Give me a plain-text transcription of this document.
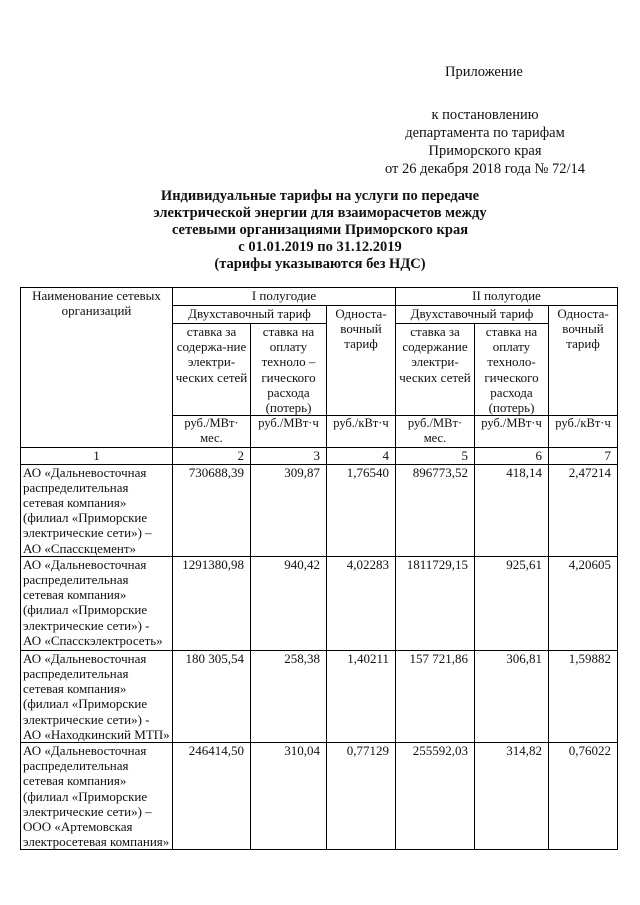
Приложение
к постановлению
департамента по тарифам
Приморского края
от 26 декабря 2018 года № 72/14
Индивидуальные тарифы на услуги по передаче
электрической энергии для взаиморасчетов между
сетевыми организациями Приморского края
с 01.01.2019 по 31.12.2019
(тарифы указываются без НДС)
Наименование сетевых организаций	I полугодие			II полугодие		
	Двухставочный тариф		Односта-вочный тариф	Двухставочный тариф		Односта-вочный тариф
	ставка за содержа-ние электри-ческих сетей	ставка на оплату техноло – гического расхода (потерь)		ставка за содержание электри-ческих сетей	ставка на оплату техноло-гического расхода (потерь)	
	руб./МВт· мес.	руб./МВт·ч	руб./кВт·ч	руб./МВт· мес.	руб./МВт·ч	руб./кВт·ч
1	2	3	4	5	6	7
АО «Дальневосточная распределительная сетевая компания» (филиал «Приморские электрические сети») – АО «Спасскцемент»	730688,39	309,87	1,76540	896773,52	418,14	2,47214
АО «Дальневосточная распределительная сетевая компания» (филиал «Приморские электрические сети») - АО «Спасскэлектросеть»	1291380,98	940,42	4,02283	1811729,15	925,61	4,20605
АО «Дальневосточная распределительная сетевая компания» (филиал «Приморские электрические сети») - АО «Находкинский МТП»	180 305,54	258,38	1,40211	157 721,86	306,81	1,59882
АО «Дальневосточная распределительная сетевая компания» (филиал «Приморские электрические сети») – ООО «Артемовская электросетевая компания»	246414,50	310,04	0,77129	255592,03	314,82	0,76022
